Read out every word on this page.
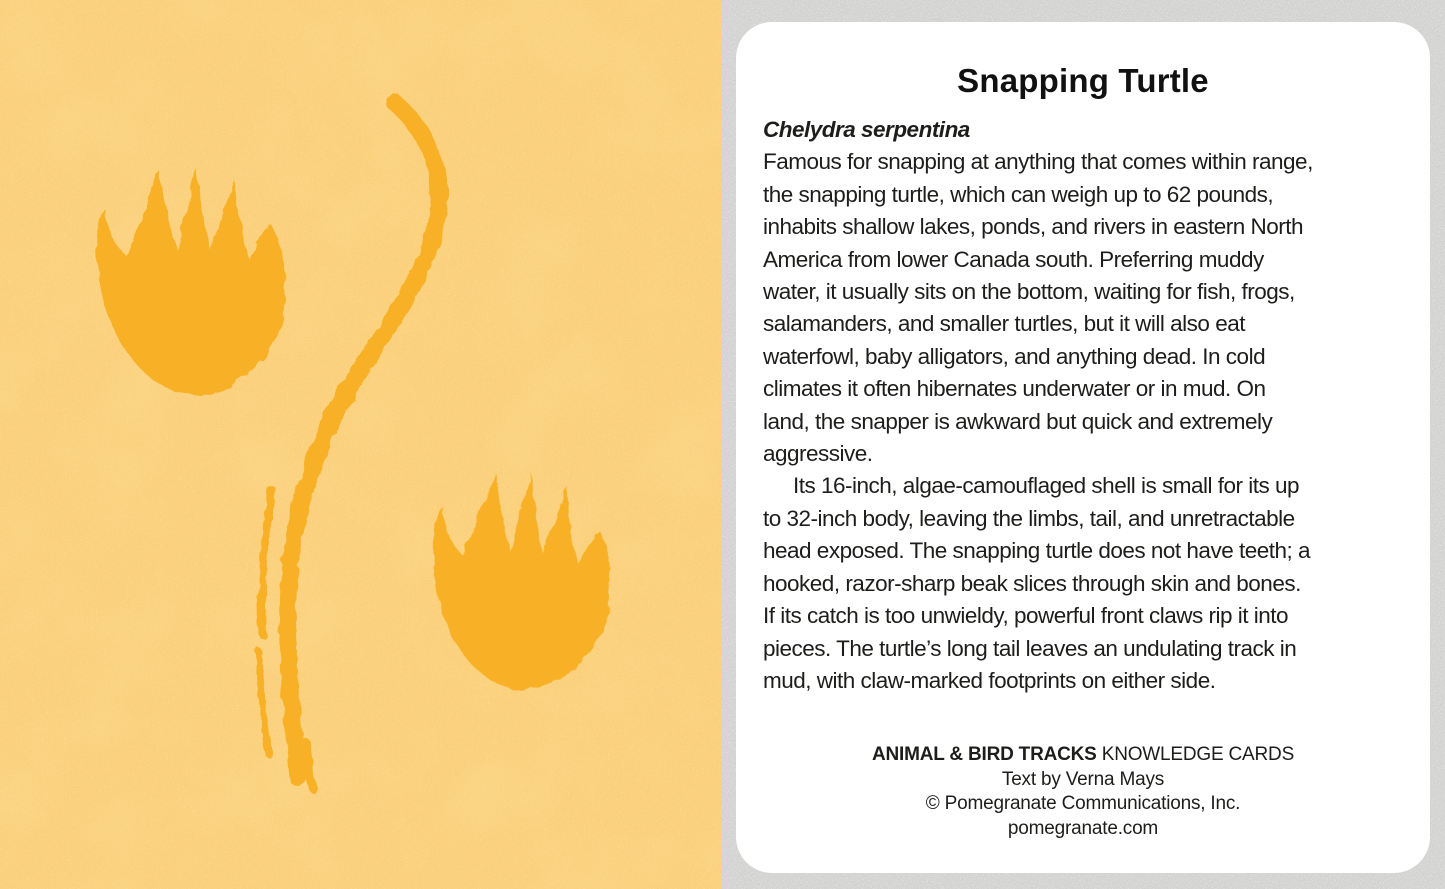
Snapping Turtle
Chelydra serpentina
Famous for snapping at anything that comes within range,
the snapping turtle, which can weigh up to 62 pounds,
inhabits shallow lakes, ponds, and rivers in eastern North
America from lower Canada south. Preferring muddy
water, it usually sits on the bottom, waiting for fish, frogs,
salamanders, and smaller turtles, but it will also eat
waterfowl, baby alligators, and anything dead. In cold
climates it often hibernates underwater or in mud. On
land, the snapper is awkward but quick and extremely
aggressive.
Its 16-inch, algae-camouflaged shell is small for its up
to 32-inch body, leaving the limbs, tail, and unretractable
head exposed. The snapping turtle does not have teeth; a
hooked, razor-sharp beak slices through skin and bones.
If its catch is too unwieldy, powerful front claws rip it into
pieces. The turtle’s long tail leaves an undulating track in
mud, with claw-marked footprints on either side.
ANIMAL & BIRD TRACKS KNOWLEDGE CARDS
Text by Verna Mays
© Pomegranate Communications, Inc.
pomegranate.com
